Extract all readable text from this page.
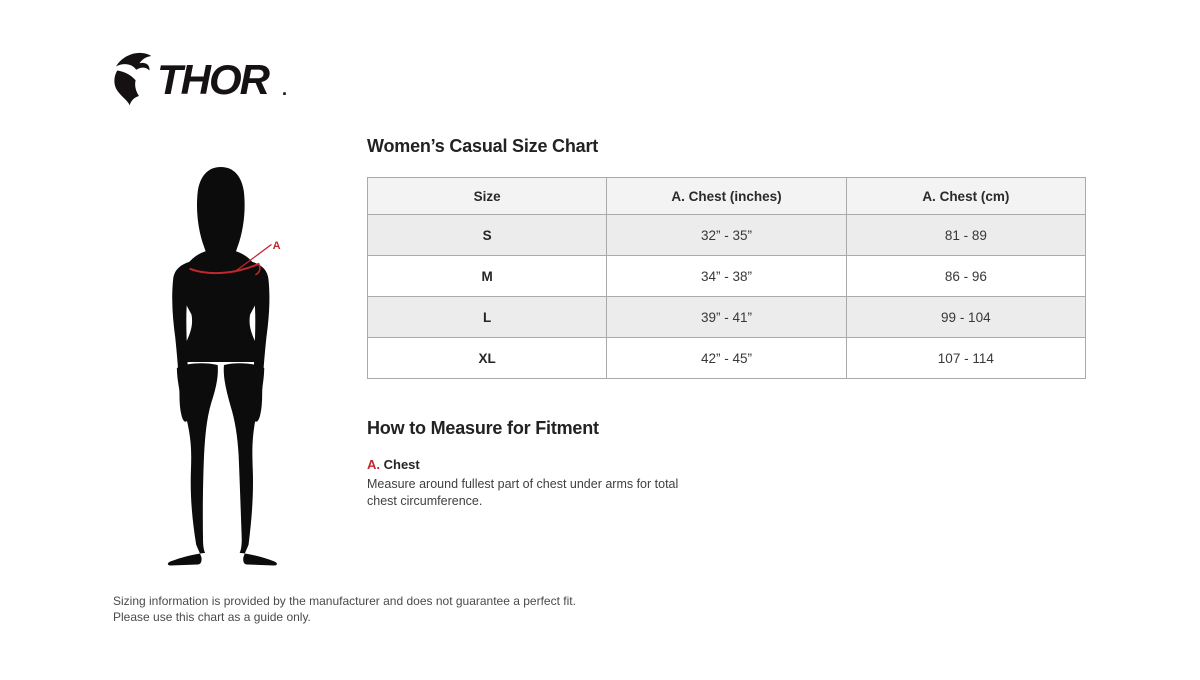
THOR .
A
Women’s Casual Size Chart
Size	A. Chest (inches)	A. Chest (cm)
S	32” - 35”	81 - 89
M	34” - 38”	86 - 96
L	39” - 41”	99 - 104
XL	42” - 45”	107 - 114
How to Measure for Fitment
A. Chest

Measure around fullest part of chest under arms for total chest circumference.

Sizing information is provided by the manufacturer and does not guarantee a perfect fit.
Please use this chart as a guide only.
